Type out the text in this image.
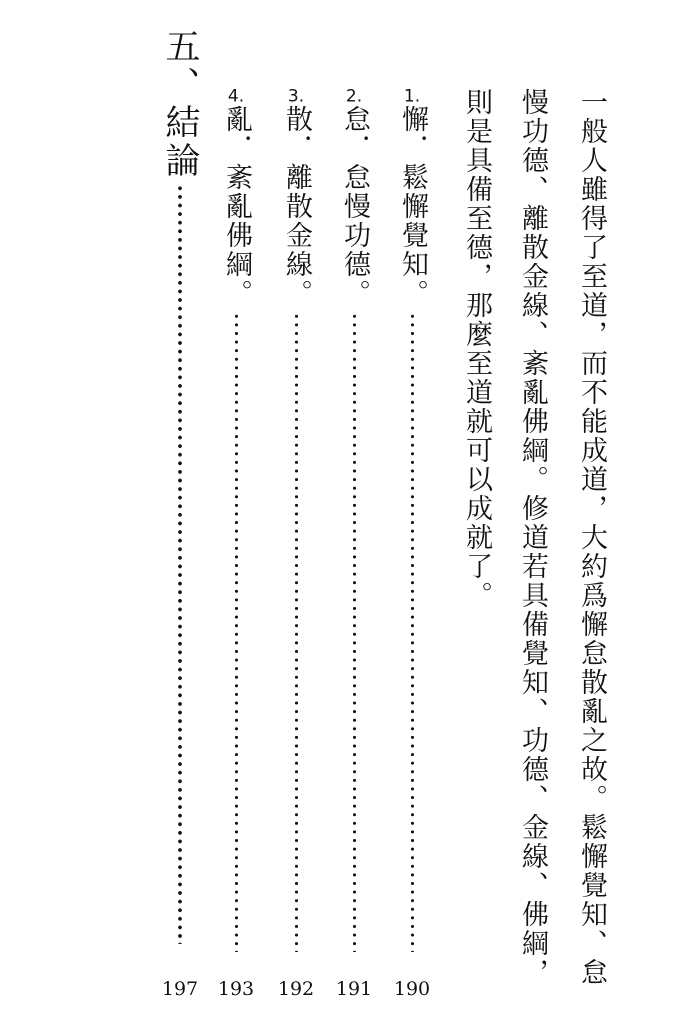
一般人雖得了至道，而不能成道，大約爲懈怠散亂之故。鬆懈覺知、怠
慢功德、離散金線、紊亂佛綱。修道若具備覺知、功德、金線、佛綱，
則是具備至德，那麼至道就可以成就了。
1.懈．鬆懈覺知。
190
2.怠．怠慢功德。
191
3.散．離散金線。
192
4.亂．紊亂佛綱。
193
五、結論
197
